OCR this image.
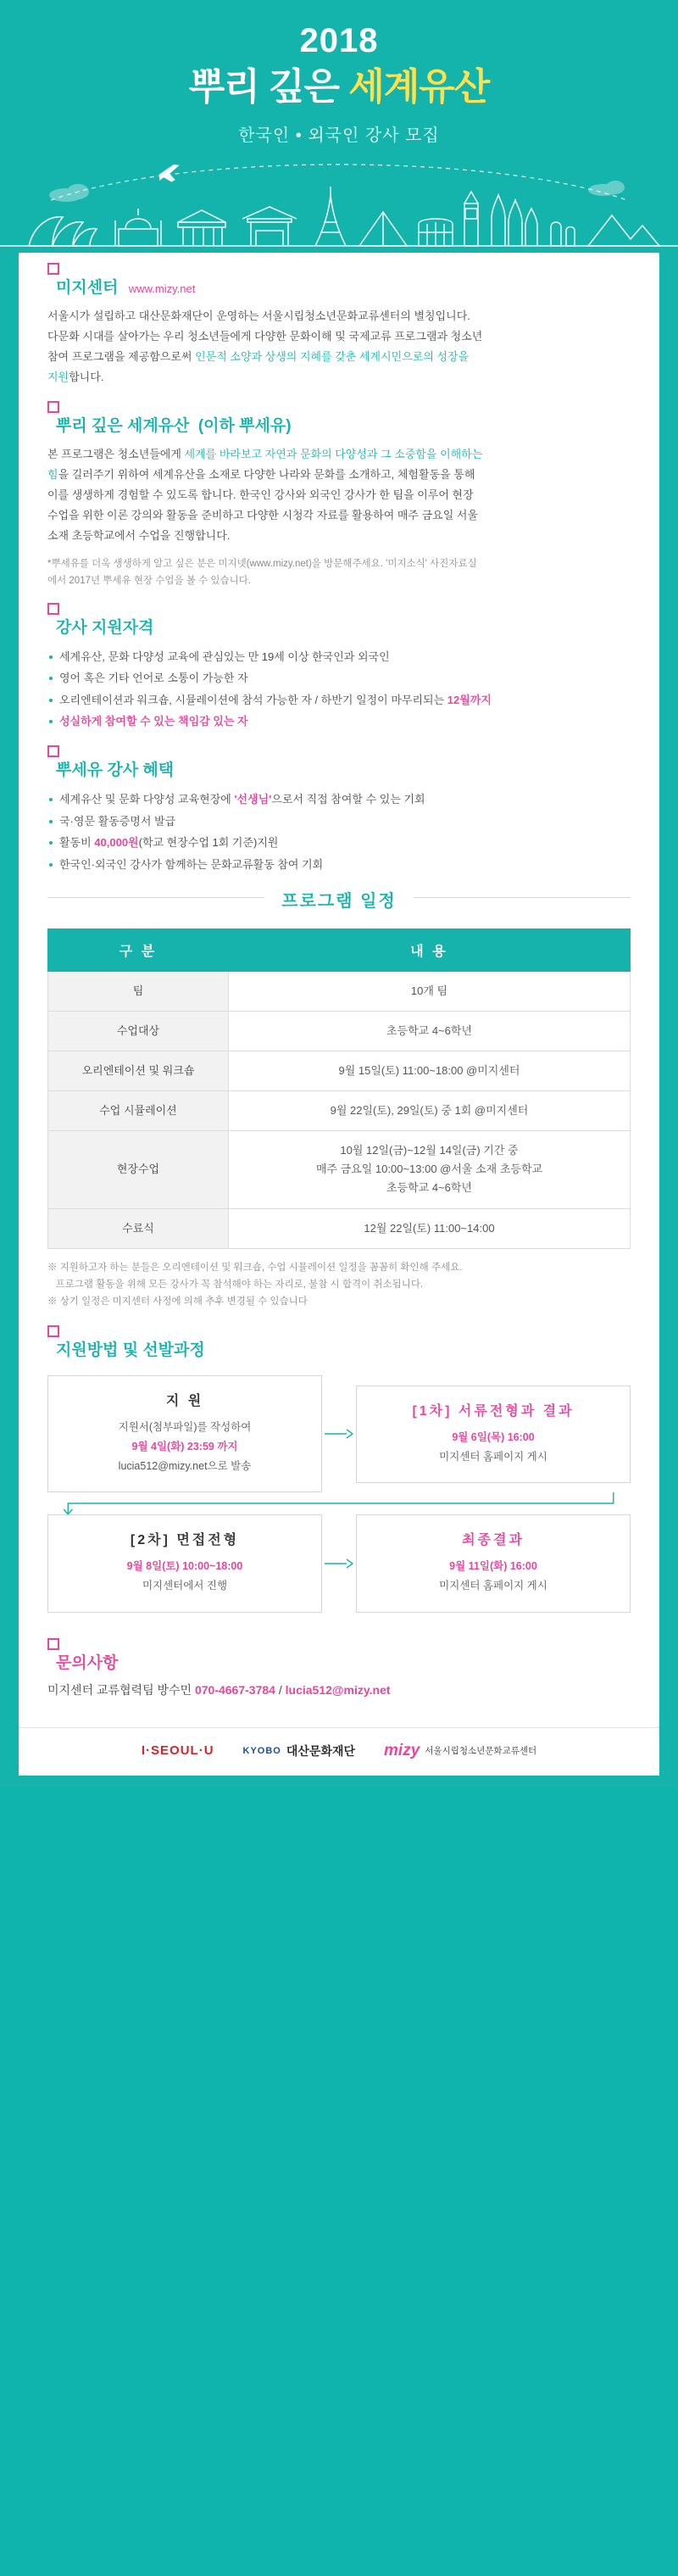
2018
뿌리 깊은 세계유산
한국인 • 외국인 강사 모집
미지센터 www.mizy.net
서울시가 설립하고 대산문화재단이 운영하는 서울시립청소년문화교류센터의 별칭입니다.
다문화 시대를 살아가는 우리 청소년들에게 다양한 문화이해 및 국제교류 프로그램과 청소년
참여 프로그램을 제공함으로써 인문적 소양과 상생의 지혜를 갖춘 세계시민으로의 성장을
지원합니다.
뿌리 깊은 세계유산 (이하 뿌세유)
본 프로그램은 청소년들에게 세계를 바라보고 자연과 문화의 다양성과 그 소중함을 이해하는
힘을 길러주기 위하여 세계유산을 소재로 다양한 나라와 문화를 소개하고, 체험활동을 통해
이를 생생하게 경험할 수 있도록 합니다. 한국인 강사와 외국인 강사가 한 팀을 이루어 현장
수업을 위한 이론 강의와 활동을 준비하고 다양한 시청각 자료를 활용하여 매주 금요일 서울
소재 초등학교에서 수업을 진행합니다.
*뿌세유를 더욱 생생하게 알고 싶은 분은 미지넷(www.mizy.net)을 방문해주세요. '미지소식' 사진자료실
에서 2017년 뿌세유 현장 수업을 볼 수 있습니다.
강사 지원자격
세계유산, 문화 다양성 교육에 관심있는 만 19세 이상 한국인과 외국인
영어 혹은 기타 언어로 소통이 가능한 자
오리엔테이션과 워크숍, 시뮬레이션에 참석 가능한 자 / 하반기 일정이 마무리되는 12월까지
성실하게 참여할 수 있는 책임감 있는 자
뿌세유 강사 혜택
세계유산 및 문화 다양성 교육현장에 '선생님'으로서 직접 참여할 수 있는 기회
국·영문 활동증명서 발급
활동비 40,000원(학교 현장수업 1회 기준)지원
한국인·외국인 강사가 함께하는 문화교류활동 참여 기회
프로그램 일정
구 분	내 용
팀	10개 팀
수업대상	초등학교 4~6학년
오리엔테이션 및 워크숍	9월 15일(토) 11:00~18:00 @미지센터
수업 시뮬레이션	9월 22일(토), 29일(토) 중 1회 @미지센터
현장수업	10월 12일(금)~12월 14일(금) 기간 중
매주 금요일 10:00~13:00 @서울 소재 초등학교
초등학교 4~6학년

수료식	12월 22일(토) 11:00~14:00
※ 지원하고자 하는 분들은 오리엔테이션 및 워크숍, 수업 시뮬레이션 일정을 꼼꼼히 확인해 주세요.
프로그램 활동을 위해 모든 강사가 꼭 참석해야 하는 자리로, 불참 시 합격이 취소됩니다.
※ 상기 일정은 미지센터 사정에 의해 추후 변경될 수 있습니다
지원방법 및 선발과정
지 원
지원서(첨부파일)를 작성하여
9월 4일(화) 23:59 까지
lucia512@mizy.net으로 발송
[1차] 서류전형과 결과
9월 6일(목) 16:00
미지센터 홈페이지 게시
[2차] 면접전형
9월 8일(토) 10:00~18:00
미지센터에서 진행
최종결과
9월 11일(화) 16:00
미지센터 홈페이지 게시
문의사항
미지센터 교류협력팀 방수민 070-4667-3784 / lucia512@mizy.net
I·SEOUL·U	KYOBO 대산문화재단 mizy 서울시립청소년문화교류센터
